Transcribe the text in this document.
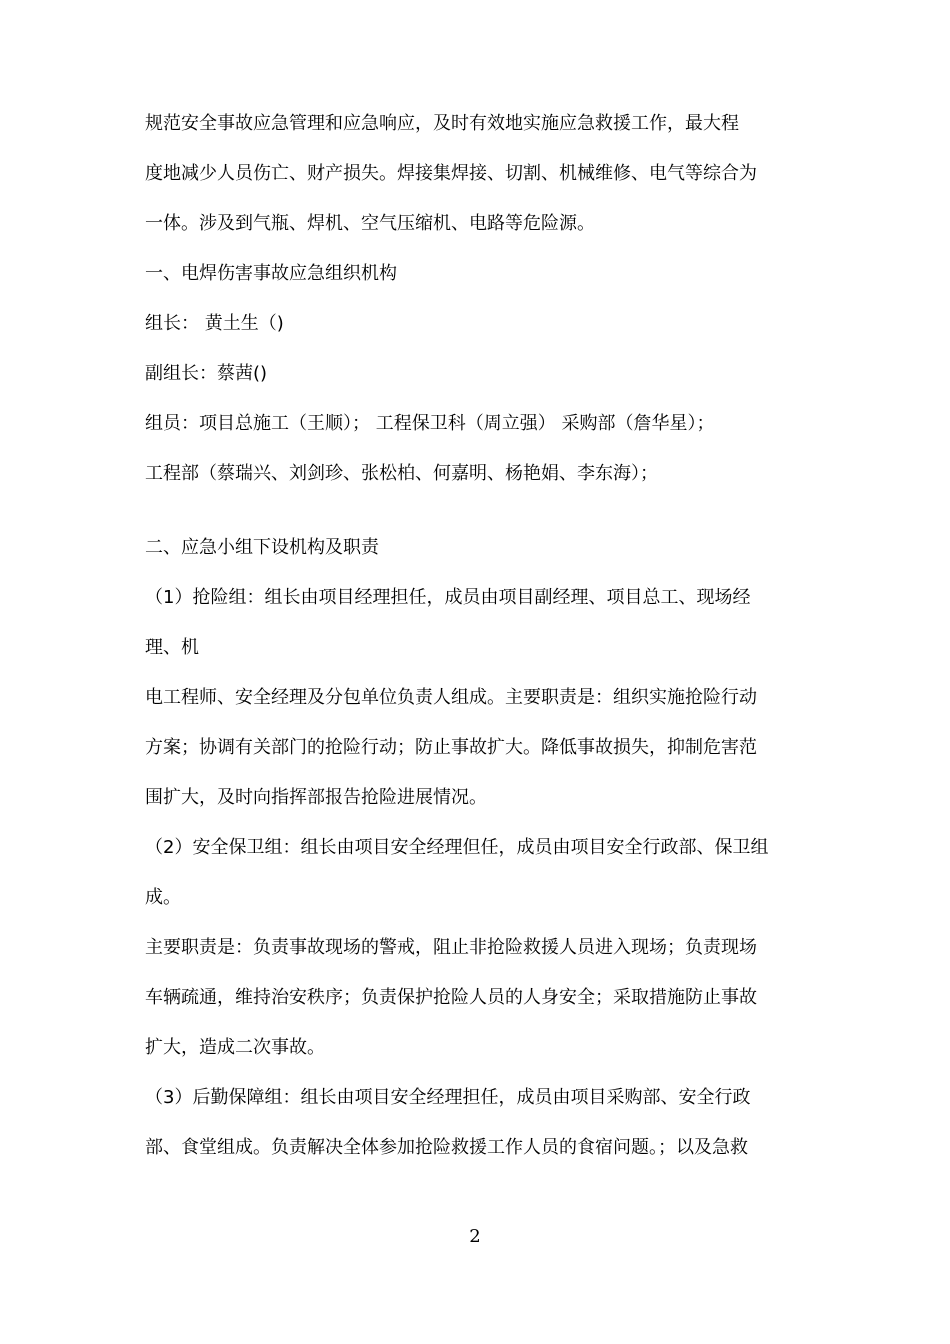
规范安全事故应急管理和应急响应，及时有效地实施应急救援工作，最大程
度地减少人员伤亡、财产损失。焊接集焊接、切割、机械维修、电气等综合为
一体。涉及到气瓶、焊机、空气压缩机、电路等危险源。
一、电焊伤害事故应急组织机构
组长： 黄土生（)
副组长：蔡茜()
组员：项目总施工（王顺）； 工程保卫科（周立强） 采购部（詹华星）；
工程部（蔡瑞兴、刘剑珍、张松柏、何嘉明、杨艳娟、李东海）；
二、应急小组下设机构及职责
（1）抢险组：组长由项目经理担任，成员由项目副经理、项目总工、现场经
理、机
电工程师、安全经理及分包单位负责人组成。主要职责是：组织实施抢险行动
方案；协调有关部门的抢险行动；防止事故扩大。降低事故损失，抑制危害范
围扩大，及时向指挥部报告抢险进展情况。
（2）安全保卫组：组长由项目安全经理但任，成员由项目安全行政部、保卫组
成。
主要职责是：负责事故现场的警戒，阻止非抢险救援人员进入现场；负责现场
车辆疏通，维持治安秩序；负责保护抢险人员的人身安全；采取措施防止事故
扩大，造成二次事故。
（3）后勤保障组：组长由项目安全经理担任，成员由项目采购部、安全行政
部、食堂组成。负责解决全体参加抢险救援工作人员的食宿问题。；以及急救
2
